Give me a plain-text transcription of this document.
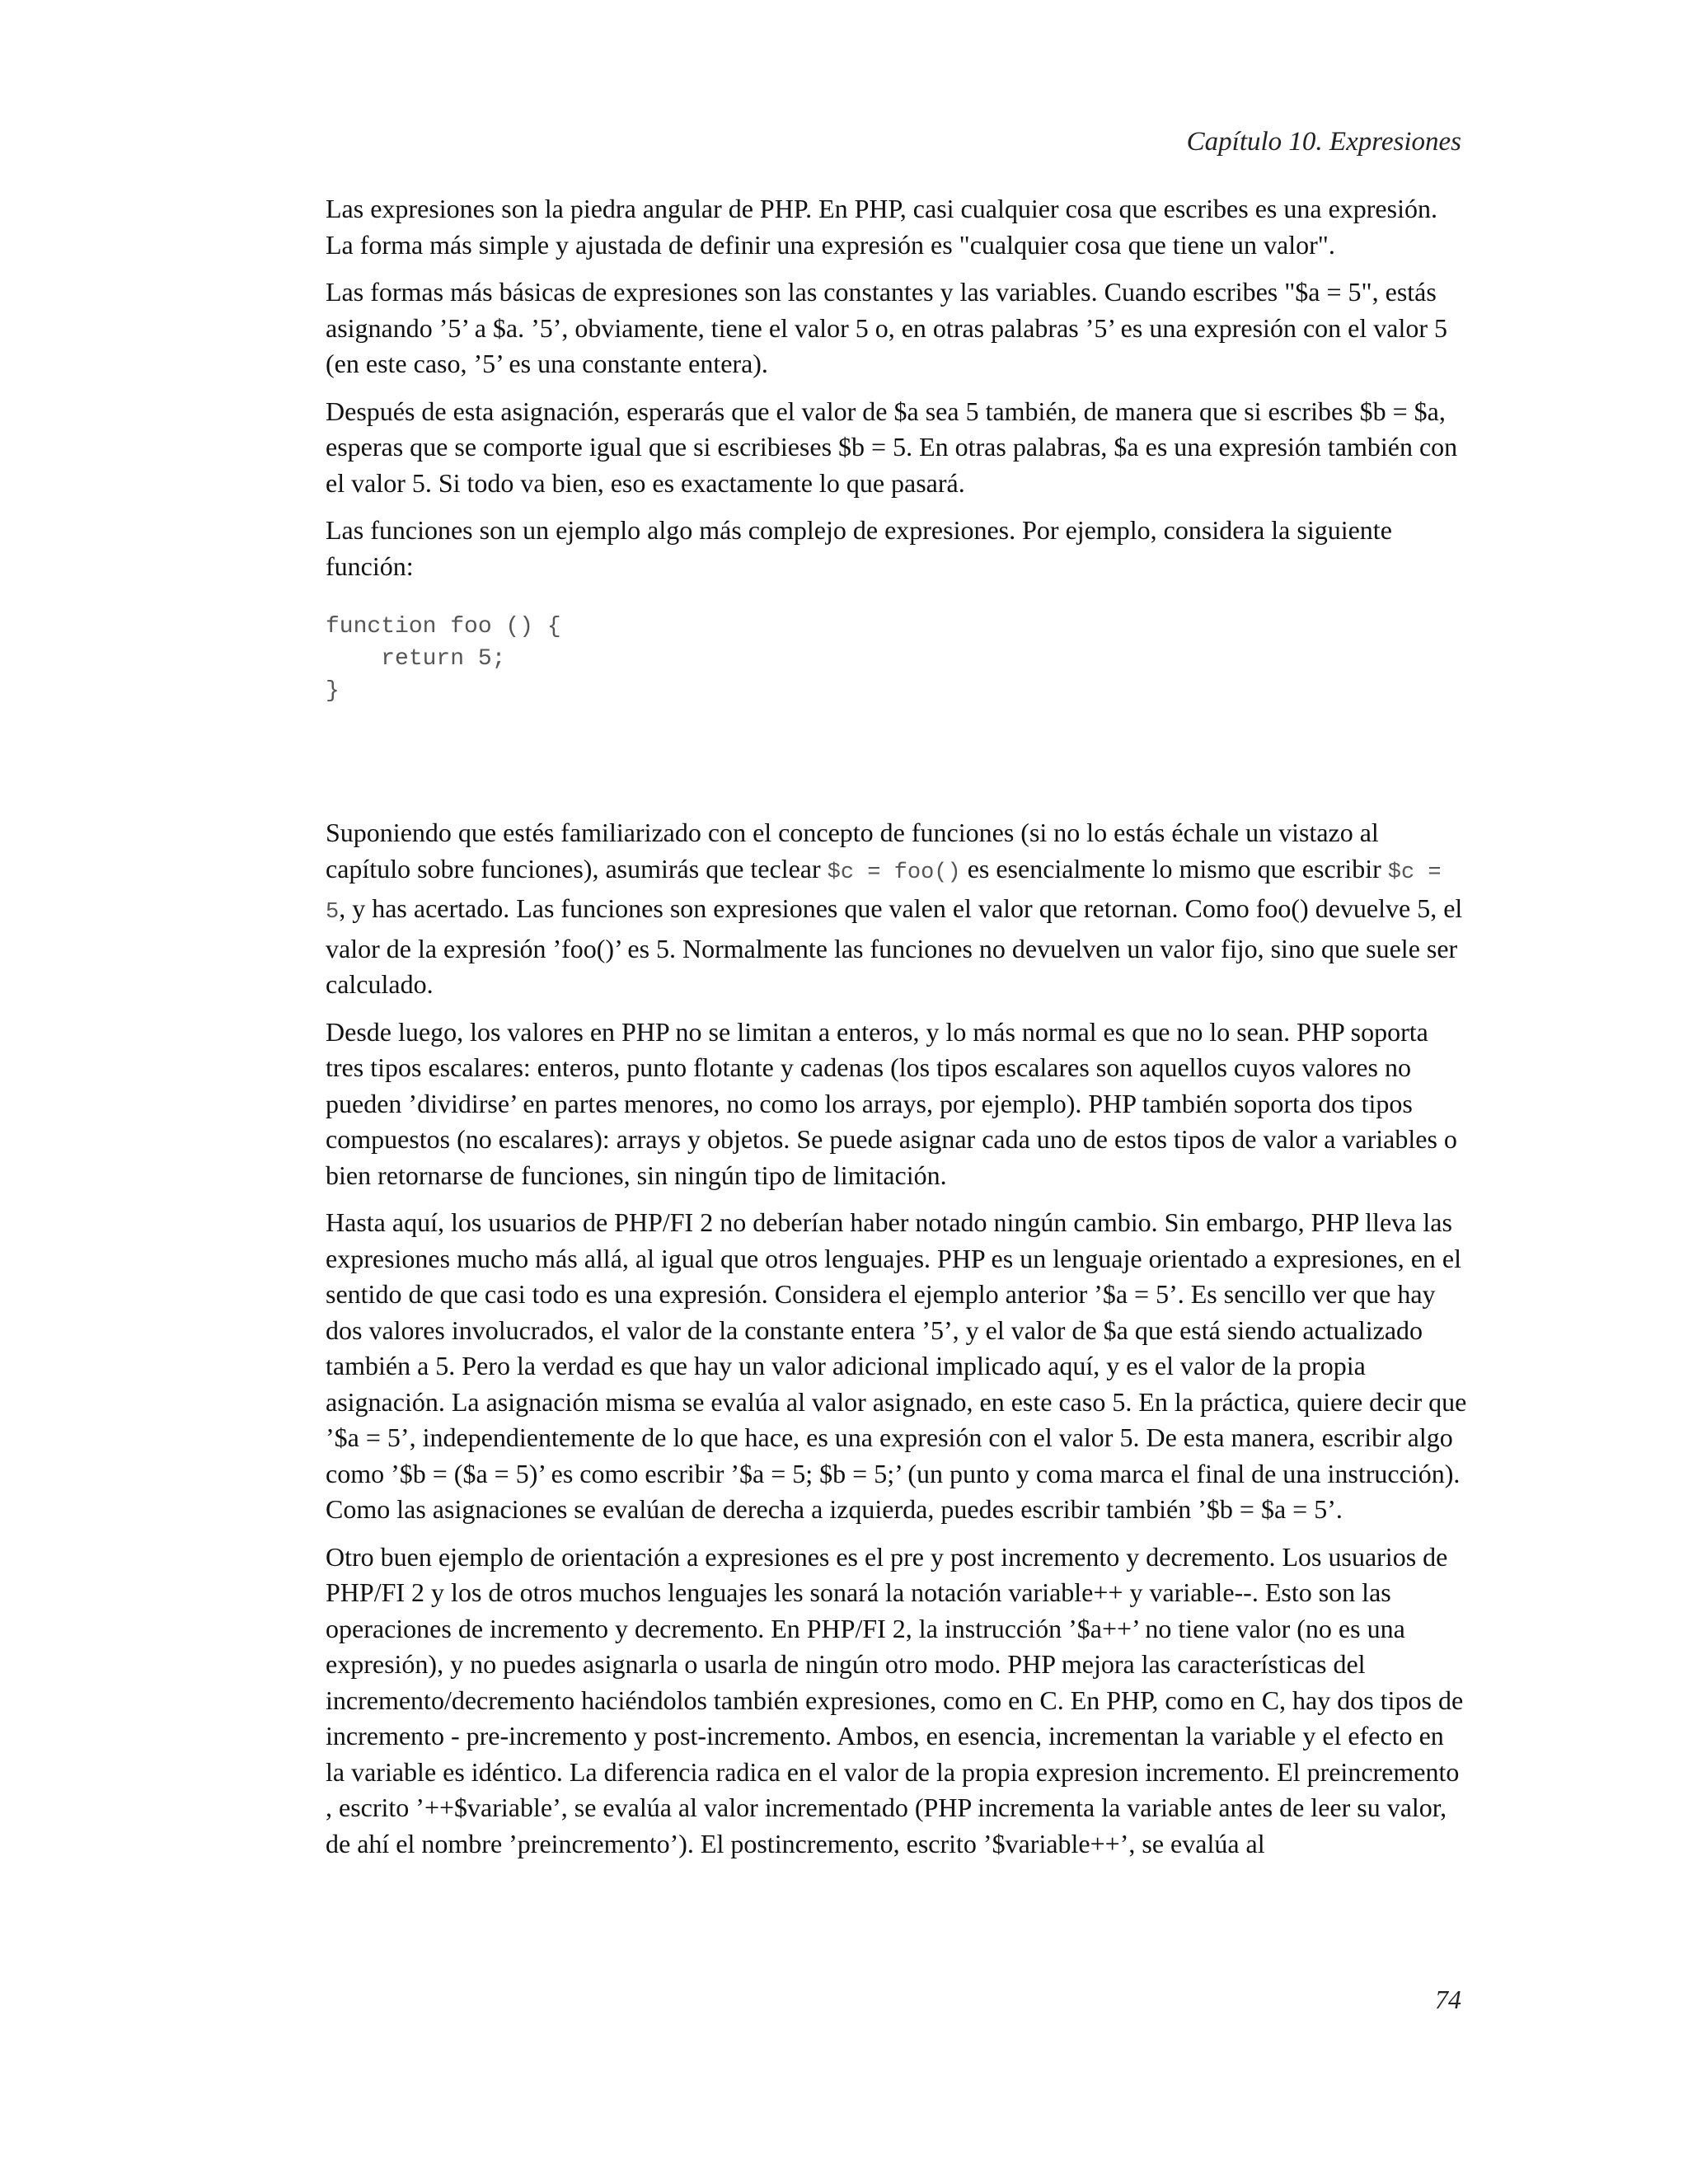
Capítulo 10. Expresiones

Las expresiones son la piedra angular de PHP. En PHP, casi cualquier cosa que escribes es una expresión. La forma más simple y ajustada de definir una expresión es "cualquier cosa que tiene un valor".

Las formas más básicas de expresiones son las constantes y las variables. Cuando escribes "$a = 5", estás asignando ’5’ a $a. ’5’, obviamente, tiene el valor 5 o, en otras palabras ’5’ es una expresión con el valor 5 (en este caso, ’5’ es una constante entera).

Después de esta asignación, esperarás que el valor de $a sea 5 también, de manera que si escribes $b = $a, esperas que se comporte igual que si escribieses $b = 5. En otras palabras, $a es una expresión también con el valor 5. Si todo va bien, eso es exactamente lo que pasará.

Las funciones son un ejemplo algo más complejo de expresiones. Por ejemplo, considera la siguiente función:

function foo () {
return 5;
}

Suponiendo que estés familiarizado con el concepto de funciones (si no lo estás échale un vistazo al capítulo sobre funciones), asumirás que teclear $c = foo() es esencialmente lo mismo que escribir $c = 5, y has acertado. Las funciones son expresiones que valen el valor que retornan. Como foo() devuelve 5, el valor de la expresión ’foo()’ es 5. Normalmente las funciones no devuelven un valor fijo, sino que suele ser calculado.

Desde luego, los valores en PHP no se limitan a enteros, y lo más normal es que no lo sean. PHP soporta tres tipos escalares: enteros, punto flotante y cadenas (los tipos escalares son aquellos cuyos valores no pueden ’dividirse’ en partes menores, no como los arrays, por ejemplo). PHP también soporta dos tipos compuestos (no escalares): arrays y objetos. Se puede asignar cada uno de estos tipos de valor a variables o bien retornarse de funciones, sin ningún tipo de limitación.

Hasta aquí, los usuarios de PHP/FI 2 no deberían haber notado ningún cambio. Sin embargo, PHP lleva las expresiones mucho más allá, al igual que otros lenguajes. PHP es un lenguaje orientado a expresiones, en el sentido de que casi todo es una expresión. Considera el ejemplo anterior ’$a = 5’. Es sencillo ver que hay dos valores involucrados, el valor de la constante entera ’5’, y el valor de $a que está siendo actualizado también a 5. Pero la verdad es que hay un valor adicional implicado aquí, y es el valor de la propia asignación. La asignación misma se evalúa al valor asignado, en este caso 5. En la práctica, quiere decir que ’$a = 5’, independientemente de lo que hace, es una expresión con el valor 5. De esta manera, escribir algo como ’$b = ($a = 5)’ es como escribir ’$a = 5; $b = 5;’ (un punto y coma marca el final de una instrucción). Como las asignaciones se evalúan de derecha a izquierda, puedes escribir también ’$b = $a = 5’.

Otro buen ejemplo de orientación a expresiones es el pre y post incremento y decremento. Los usuarios de PHP/FI 2 y los de otros muchos lenguajes les sonará la notación variable++ y variable--. Esto son las operaciones de incremento y decremento. En PHP/FI 2, la instrucción ’$a++’ no tiene valor (no es una expresión), y no puedes asignarla o usarla de ningún otro modo. PHP mejora las características del incremento/decremento haciéndolos también expresiones, como en C. En PHP, como en C, hay dos tipos de incremento - pre-incremento y post-incremento. Ambos, en esencia, incrementan la variable y el efecto en la variable es idéntico. La diferencia radica en el valor de la propia expresion incremento. El preincremento , escrito ’++$variable’, se evalúa al valor incrementado (PHP incrementa la variable antes de leer su valor, de ahí el nombre ’preincremento’). El postincremento, escrito ’$variable++’, se evalúa al

74
